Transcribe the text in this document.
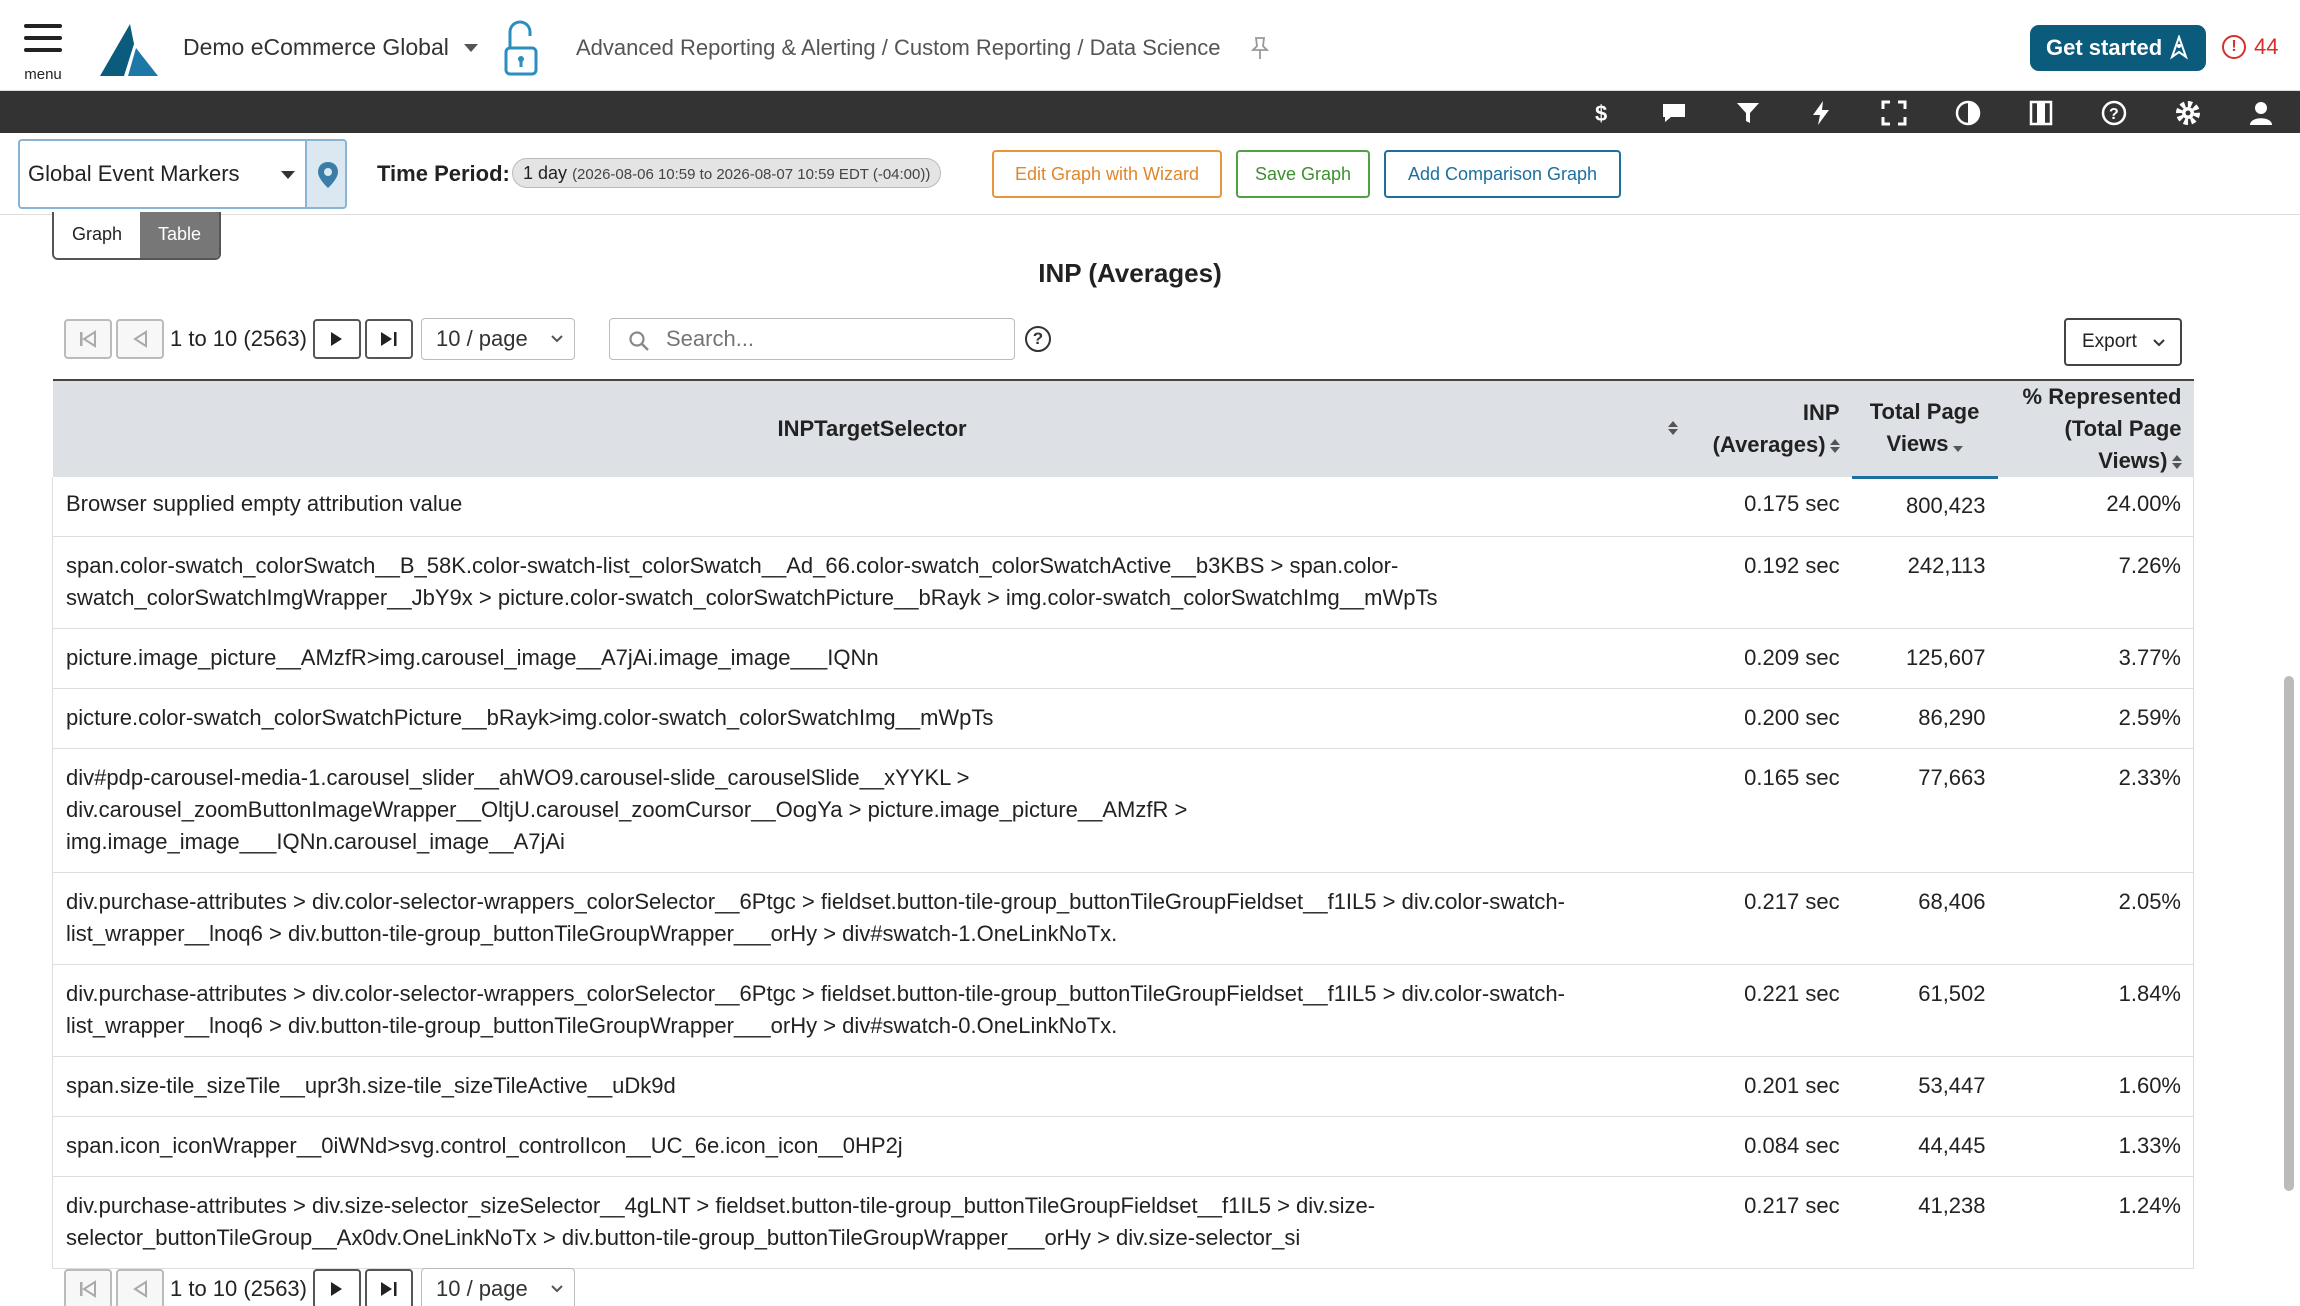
menu
Demo eCommerce Global	Advanced Reporting & Alerting / Custom Reporting / Data Science	Get started	! 44
$	?
Global Event Markers	Time Period: 1 day (2026-08-06 10:59 to 2026-08-07 10:59 EDT (-04:00))	Edit Graph with Wizard	Save Graph	Add Comparison Graph
Graph	Table
INP (Averages)
1 to 10 (2563)	10 / page
Search...	?	Export
INPTargetSelector	INP (Averages)	Total Page Views	% Represented (Total Page Views)
Browser supplied empty attribution value	0.175 sec	800,423	24.00%
span.color-swatch_colorSwatch__B_58K.color-swatch-list_colorSwatch__Ad_66.color-swatch_colorSwatchActive__b3KBS > span.color-swatch_colorSwatchImgWrapper__JbY9x > picture.color-swatch_colorSwatchPicture__bRayk > img.color-swatch_colorSwatchImg__mWpTs	0.192 sec	242,113	7.26%
picture.image_picture__AMzfR>img.carousel_image__A7jAi.image_image___IQNn	0.209 sec	125,607	3.77%
picture.color-swatch_colorSwatchPicture__bRayk>img.color-swatch_colorSwatchImg__mWpTs	0.200 sec	86,290	2.59%
div#pdp-carousel-media-1.carousel_slider__ahWO9.carousel-slide_carouselSlide__xYYKL > div.carousel_zoomButtonImageWrapper__OltjU.carousel_zoomCursor__OogYa > picture.image_picture__AMzfR > img.image_image___IQNn.carousel_image__A7jAi	0.165 sec	77,663	2.33%
div.purchase-attributes > div.color-selector-wrappers_colorSelector__6Ptgc > fieldset.button-tile-group_buttonTileGroupFieldset__f1IL5 > div.color-swatch-list_wrapper__lnoq6 > div.button-tile-group_buttonTileGroupWrapper___orHy > div#swatch-1.OneLinkNoTx.	0.217 sec	68,406	2.05%
div.purchase-attributes > div.color-selector-wrappers_colorSelector__6Ptgc > fieldset.button-tile-group_buttonTileGroupFieldset__f1IL5 > div.color-swatch-list_wrapper__lnoq6 > div.button-tile-group_buttonTileGroupWrapper___orHy > div#swatch-0.OneLinkNoTx.	0.221 sec	61,502	1.84%
span.size-tile_sizeTile__upr3h.size-tile_sizeTileActive__uDk9d	0.201 sec	53,447	1.60%
span.icon_iconWrapper__0iWNd>svg.control_controlIcon__UC_6e.icon_icon__0HP2j	0.084 sec	44,445	1.33%
div.purchase-attributes > div.size-selector_sizeSelector__4gLNT > fieldset.button-tile-group_buttonTileGroupFieldset__f1IL5 > div.size-selector_buttonTileGroup__Ax0dv.OneLinkNoTx > div.button-tile-group_buttonTileGroupWrapper___orHy > div.size-selector_si	0.217 sec	41,238	1.24%
1 to 10 (2563)	10 / page
